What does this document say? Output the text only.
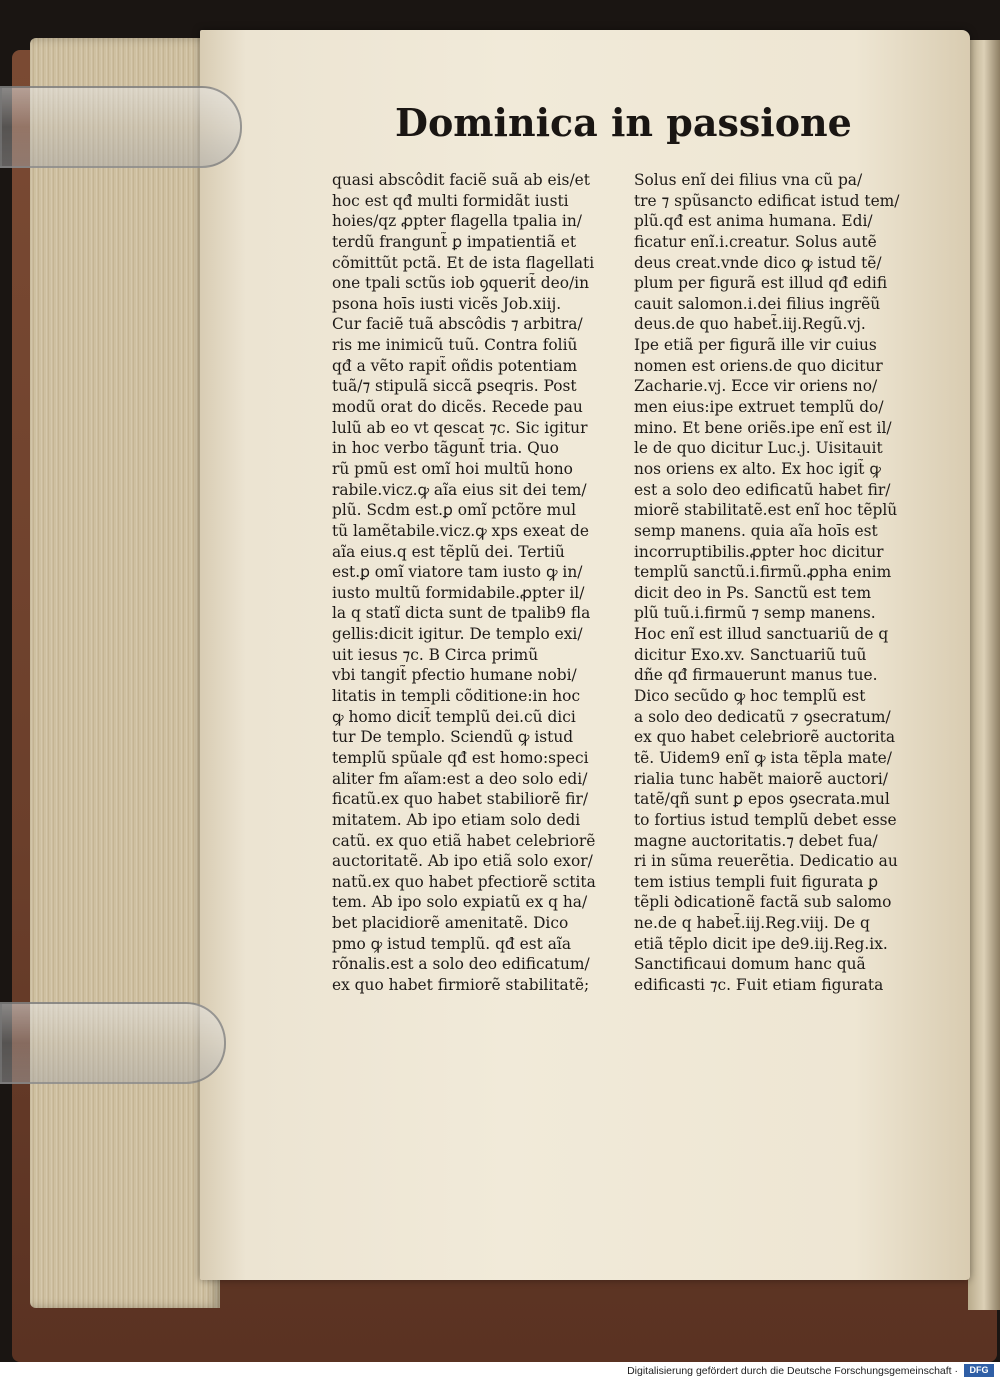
Dominica in passione
quasi abscôdit faciẽ suã ab eis/et
hoc est qđ multi formidãt iusti
hoies/qz ꝓpter flagella tpalia in/
terdũ frangunt̃ ꝑ impatientiã et
cõmittũt pctã. Et de ista flagellati
one tpali sctũs iob ꝯquerit̃ deo/in
psona hoīs iusti vicẽs Job.xiij.
Cur faciẽ tuã abscôdis ⁊ arbitra/
ris me inimicũ tuũ. Contra foliũ
qđ a vẽto rapit̃ oñdis potentiam
tuã/⁊ stipulã siccã ꝑseqris. Post
modũ orat do dicẽs. Recede pau
lulũ ab eo vt qescat ⁊c. Sic igitur
in hoc verbo tãgunt̃ tria. Quo
rũ pmũ est omĩ hoi multũ hono
rabile.vicz.ꝙ aĩa eius sit dei tem/
plũ. Scdm est.ꝑ omĩ pctõre mul
tũ lamẽtabile.vicz.ꝙ xps exeat de
aĩa eius.q est tẽplũ dei. Tertiũ
est.ꝑ omĩ viatore tam iusto ꝙ in/
iusto multũ formidabile.ꝓpter il/
la q statĩ dicta sunt de tpalib9 fla
gellis:dicit igitur. De templo exi/
uit iesus ⁊c. B Circa primũ
vbi tangit̃ pfectio humane nobi/
litatis in templi cõditione:in hoc
ꝙ homo dicit̃ templũ dei.cũ dici
tur De templo. Sciendũ ꝙ istud
templũ spũale qđ est homo:speci
aliter fm aĩam:est a deo solo edi/
ficatũ.ex quo habet stabiliorẽ fir/
mitatem. Ab ipo etiam solo dedi
catũ. ex quo etiã habet celebriorẽ
auctoritatẽ. Ab ipo etiã solo exor/
natũ.ex quo habet pfectiorẽ sctita
tem. Ab ipo solo expiatũ ex q ha/
bet placidiorẽ amenitatẽ. Dico
pmo ꝙ istud templũ. qđ est aĩa
rõnalis.est a solo deo edificatum/
ex quo habet firmiorẽ stabilitatẽ;
Solus enĩ dei filius vna cũ pa/
tre ⁊ spũsancto edificat istud tem/
plũ.qđ est anima humana. Edi/
ficatur enĩ.i.creatur. Solus autẽ
deus creat.vnde dico ꝙ istud tẽ/
plum per figurã est illud qđ edifi
cauit salomon.i.dei filius ingrẽũ
deus.de quo habet̃.iij.Regũ.vj.
Ipe etiã per figurã ille vir cuius
nomen est oriens.de quo dicitur
Zacharie.vj. Ecce vir oriens no/
men eius:ipe extruet templũ do/
mino. Et bene oriẽs.ipe enĩ est il/
le de quo dicitur Luc.j. Uisitauit
nos oriens ex alto. Ex hoc igit̃ ꝙ
est a solo deo edificatũ habet fir/
miorẽ stabilitatẽ.est enĩ hoc tẽplũ
semp manens. quia aĩa hoīs est
incorruptibilis.ꝓpter hoc dicitur
templũ sanctũ.i.firmũ.ꝓpha enim
dicit deo in Ps. Sanctũ est tem
plũ tuũ.i.firmũ ⁊ semp manens.
Hoc enĩ est illud sanctuariũ de q
dicitur Exo.xv. Sanctuariũ tuũ
dñe qđ firmauerunt manus tue.
Dico secũdo ꝙ hoc templũ est
a solo deo dedicatũ ⁊ ꝯsecratum/
ex quo habet celebriorẽ auctorita
tẽ. Uidem9 enĩ ꝙ ista tẽpla mate/
rialia tunc habẽt maiorẽ auctori/
tatẽ/qñ sunt ꝑ epos ꝯsecrata.mul
to fortius istud templũ debet esse
magne auctoritatis.⁊ debet fua/
ri in sũma reuerẽtia. Dedicatio au
tem istius templi fuit figurata ꝑ
tẽpli ꝺdicationẽ factã sub salomo
ne.de q habet̃.iij.Reg.viij. De q
etiã tẽplo dicit ipe de9.iij.Reg.ix.
Sanctificaui domum hanc quã
edificasti ⁊c. Fuit etiam figurata
Digitalisierung gefördert durch die Deutsche Forschungsgemeinschaft ·	DFG
